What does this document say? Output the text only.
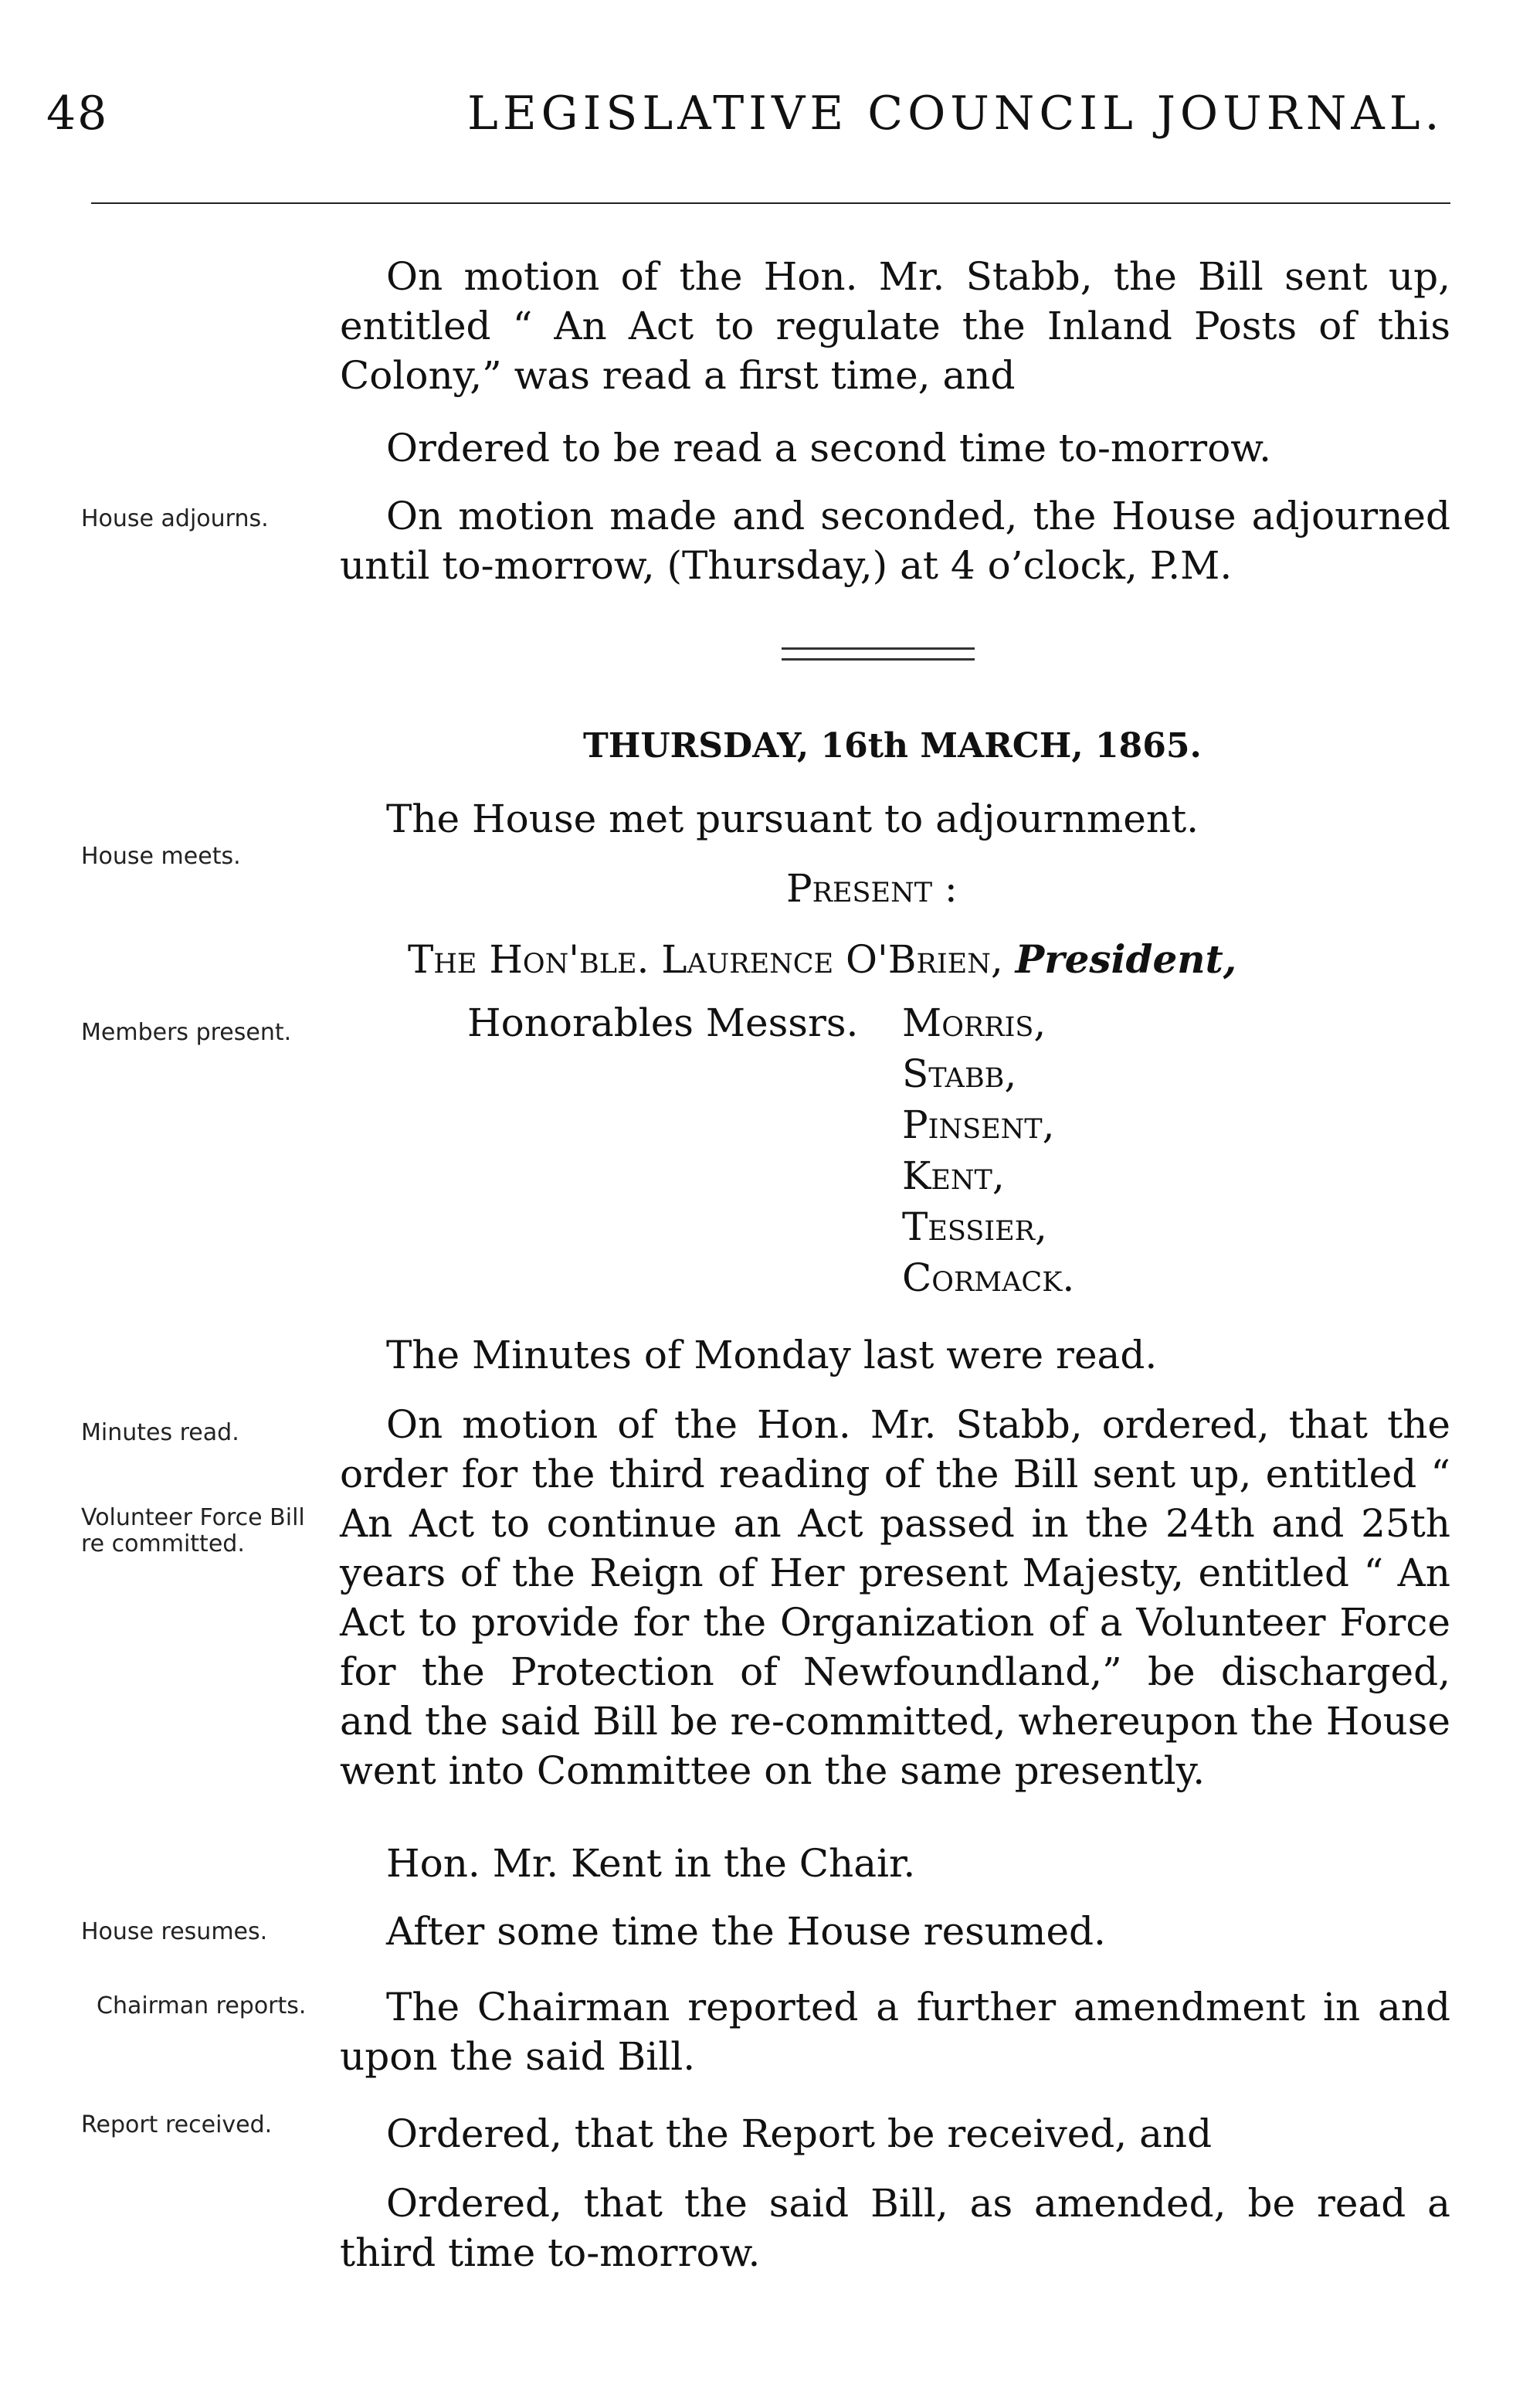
48	LEGISLATIVE COUNCIL JOURNAL.
On motion of the Hon. Mr. Stabb, the Bill sent up, entitled “ An Act to regulate the Inland Posts of this Colony,” was read a first time, and
Ordered to be read a second time to-morrow.
House adjourns.	On motion made and seconded, the House adjourned until to-morrow, (Thursday,) at 4 o’clock, P.M.
THURSDAY, 16th MARCH, 1865.
House meets.
The House met pursuant to adjournment.
Present :
The Hon'ble. Laurence O'Brien, President,
Members present.	Honorables Messrs. Morris,
Stabb,
Pinsent,
Kent,
Tessier,
Cormack.
The Minutes of Monday last were read.
Minutes read.
Volunteer Force Bill re committed.
On motion of the Hon. Mr. Stabb, ordered, that the order for the third reading of the Bill sent up, entitled “ An Act to continue an Act passed in the 24th and 25th years of the Reign of Her present Majesty, entitled “ An Act to provide for the Organization of a Volunteer Force for the Protection of Newfoundland,” be discharged, and the said Bill be re-committed, whereupon the House went into Committee on the same presently.
Hon. Mr. Kent in the Chair.
House resumes.	After some time the House resumed.
Chairman reports.	The Chairman reported a further amendment in and upon the said Bill.
Report received.	Ordered, that the Report be received, and
Ordered, that the said Bill, as amended, be read a third time to-morrow.
